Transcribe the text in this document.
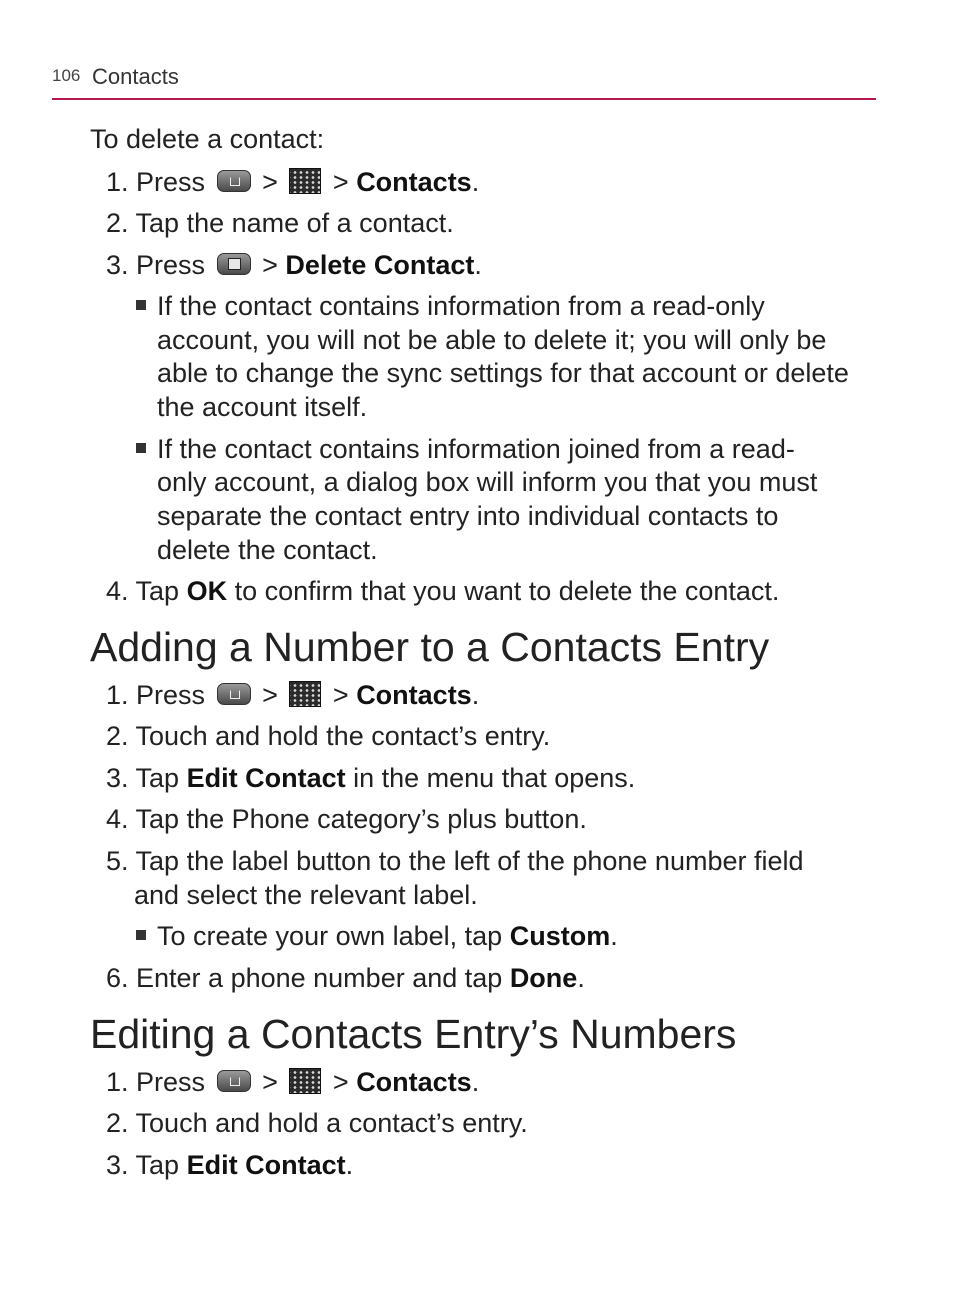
106 Contacts
To delete a contact:
1. Press > > Contacts.
2. Tap the name of a contact.
3. Press > Delete Contact.
If the contact contains information from a read-only
account, you will not be able to delete it; you will only be
able to change the sync settings for that account or delete
the account itself.
If the contact contains information joined from a read-
only account, a dialog box will inform you that you must
separate the contact entry into individual contacts to
delete the contact.
4. Tap OK to confirm that you want to delete the contact.
Adding a Number to a Contacts Entry
1. Press > > Contacts.
2. Touch and hold the contact’s entry.
3. Tap Edit Contact in the menu that opens.
4. Tap the Phone category’s plus button.
5. Tap the label button to the left of the phone number field
and select the relevant label.
To create your own label, tap Custom.
6. Enter a phone number and tap Done.
Editing a Contacts Entry’s Numbers
1. Press > > Contacts.
2. Touch and hold a contact’s entry.
3. Tap Edit Contact.
